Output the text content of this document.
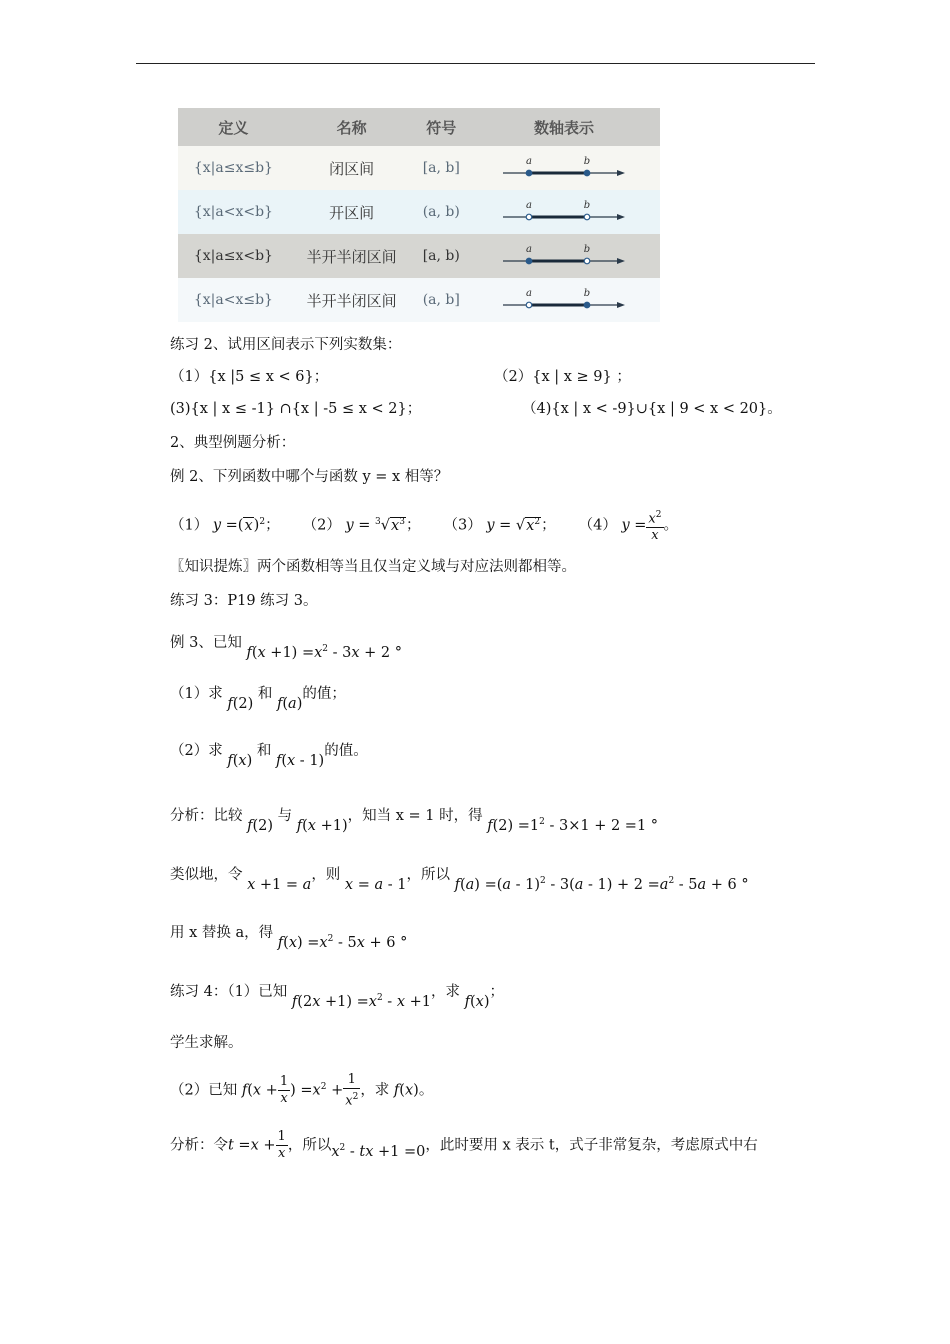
定义	名称	符号	数轴表示
{x|a≤x≤b}	闭区间	[a, b]	a b

{x|a<x<b}	开区间	(a, b)	a b

{x|a≤x<b}	半开半闭区间	[a, b)	a b

{x|a<x≤b}	半开半闭区间	(a, b]	a b
练习 2、试用区间表示下列实数集：
（1）{x |5 ≤ x < 6}；	（2）{x | x ≥ 9} ；
(3){x | x ≤ -1} ∩{x | -5 ≤ x < 2}；	（4){x | x < -9}∪{x | 9 < x < 20}。
2、典型例题分析：
例 2、下列函数中哪个与函数 y = x 相等？
（1） $y =(x)^2$；     （2） $y = ^3√x^3$；     （3） $y = √x^2$；     （4） $y = \frac{x^2}{x}$ 。
〖知识提炼〗两个函数相等当且仅当定义域与对应法则都相等。
练习 3：P19 练习 3。
例 3、已知 $f(x +1) =x^2 - 3x + 2$ °
（1）求 f(2) 和 f(a)的值；
（2）求 f(x) 和 f(x - 1)的值。
分析：比较 f(2) 与 f(x +1)，知当 x = 1 时，得 $f(2) =1^2 - 3\times 1 + 2 =1$ °
类似地，令 x +1 = a，则 x = a - 1，所以 $f(a) =(a - 1)^2 - 3(a - 1) + 2 =a^2 - 5a + 6$ °
用 x 替换 a，得 $f(x) =x^2 - 5x + 6$ °
练习 4：（1）已知 $f(2x +1) =x^2 - x +1$，求 f(x)；
学生求解。
（2）已知 $f(x + \frac{1}{x}$ ) $=x^2 + \frac{1}{x^2}$ ，求 f(x)。
分析：令$t =x + \frac{1}{x}$ ，所以$x^2$ - tx +1 =0，此时要用 x 表示 t，式子非常复杂，考虑原式中右
